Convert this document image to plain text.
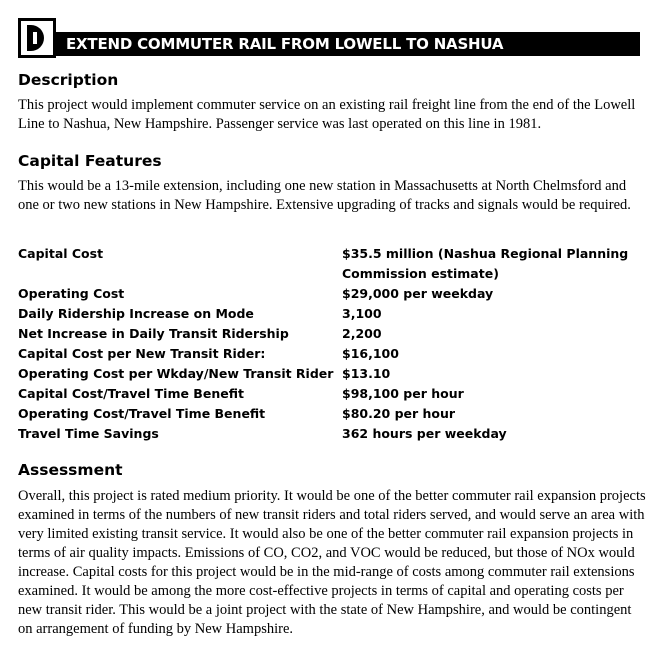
EXTEND COMMUTER RAIL FROM LOWELL TO NASHUA
Description
This project would implement commuter service on an existing rail freight line from the end of the Lowell Line to Nashua, New Hampshire. Passenger service was last operated on this line in 1981.
Capital Features
This would be a 13-mile extension, including one new station in Massachusetts at North Chelmsford and one or two new stations in New Hampshire. Extensive upgrading of tracks and signals would be required.
Capital Cost	$35.5 million (Nashua Regional Planning Commission estimate)
Operating Cost	$29,000 per weekday
Daily Ridership Increase on Mode	3,100
Net Increase in Daily Transit Ridership	2,200
Capital Cost per New Transit Rider:	$16,100
Operating Cost per Wkday/New Transit Rider $13.10
Capital Cost/Travel Time Benefit	$98,100 per hour
Operating Cost/Travel Time Benefit	$80.20 per hour
Travel Time Savings	362 hours per weekday
Assessment
Overall, this project is rated medium priority. It would be one of the better commuter rail expansion projects examined in terms of the numbers of new transit riders and total riders served, and would serve an area with very limited existing transit service. It would also be one of the better commuter rail expansion projects in terms of air quality impacts. Emissions of CO, CO2, and VOC would be reduced, but those of NOx would increase. Capital costs for this project would be in the mid-range of costs among commuter rail extensions examined. It would be among the more cost-effective projects in terms of capital and operating costs per new transit rider. This would be a joint project with the state of New Hampshire, and would be contingent on arrangement of funding by New Hampshire.
